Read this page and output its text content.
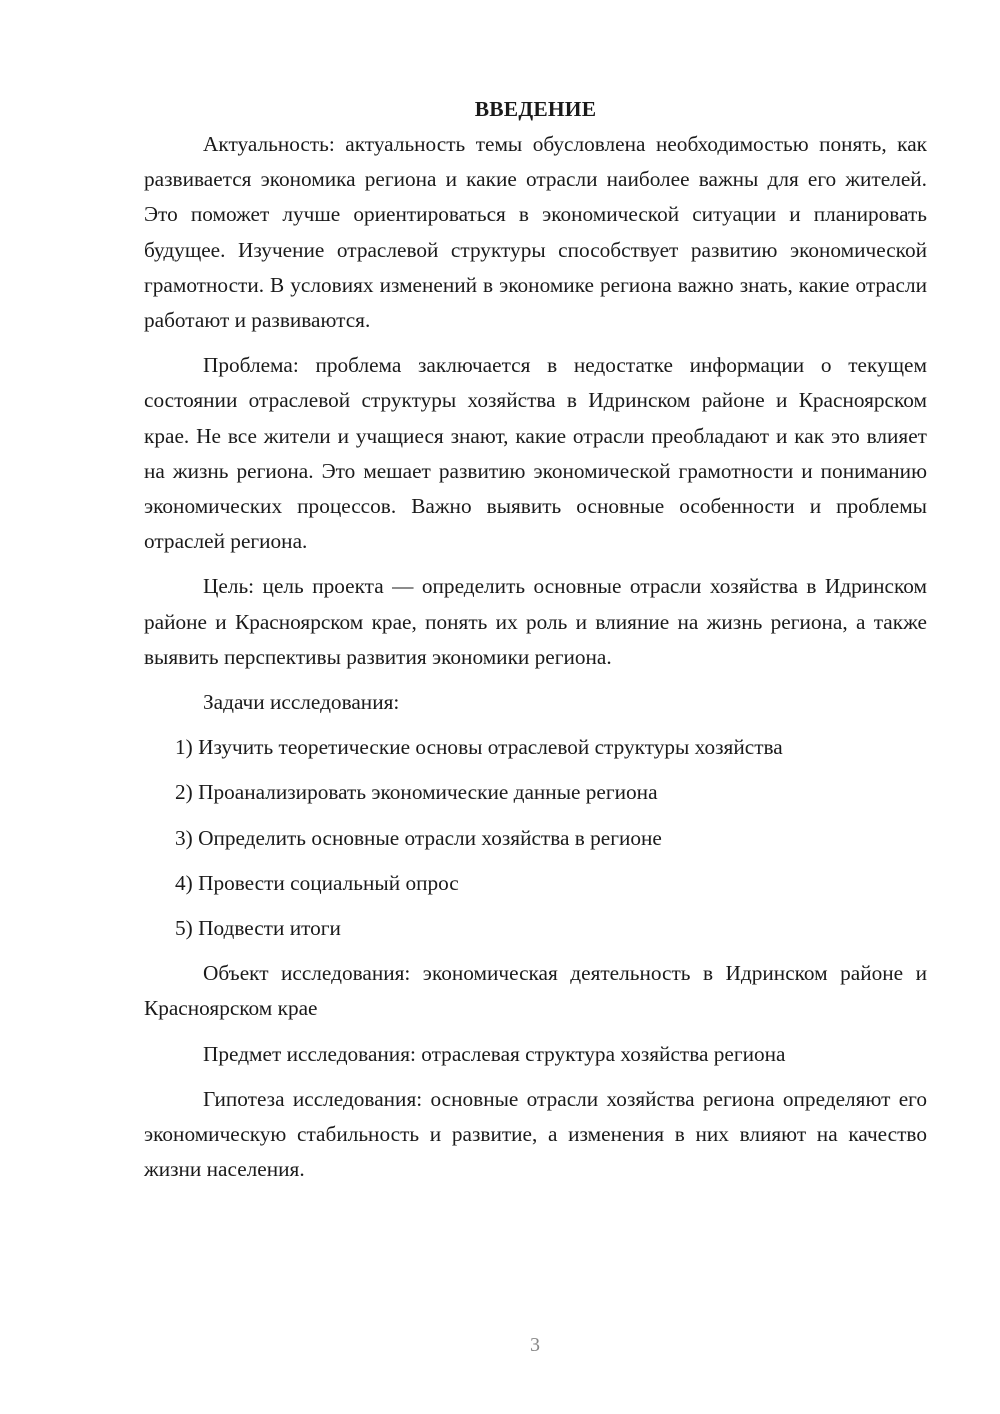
ВВЕДЕНИЕ

Актуальность: актуальность темы обусловлена необходимостью понять, как развивается экономика региона и какие отрасли наиболее важны для его жителей. Это поможет лучше ориентироваться в экономической ситуации и планировать будущее. Изучение отраслевой структуры способствует развитию экономической грамотности. В условиях изменений в экономике региона важно знать, какие отрасли работают и развиваются.

Проблема: проблема заключается в недостатке информации о текущем состоянии отраслевой структуры хозяйства в Идринском районе и Красноярском крае. Не все жители и учащиеся знают, какие отрасли преобладают и как это влияет на жизнь региона. Это мешает развитию экономической грамотности и пониманию экономических процессов. Важно выявить основные особенности и проблемы отраслей региона.

Цель: цель проекта — определить основные отрасли хозяйства в Идринском районе и Красноярском крае, понять их роль и влияние на жизнь региона, а также выявить перспективы развития экономики региона.

Задачи исследования:

1) Изучить теоретические основы отраслевой структуры хозяйства

2) Проанализировать экономические данные региона

3) Определить основные отрасли хозяйства в регионе

4) Провести социальный опрос

5) Подвести итоги

Объект исследования: экономическая деятельность в Идринском районе и Красноярском крае

Предмет исследования: отраслевая структура хозяйства региона

Гипотеза исследования: основные отрасли хозяйства региона определяют его экономическую стабильность и развитие, а изменения в них влияют на качество жизни населения.

3
